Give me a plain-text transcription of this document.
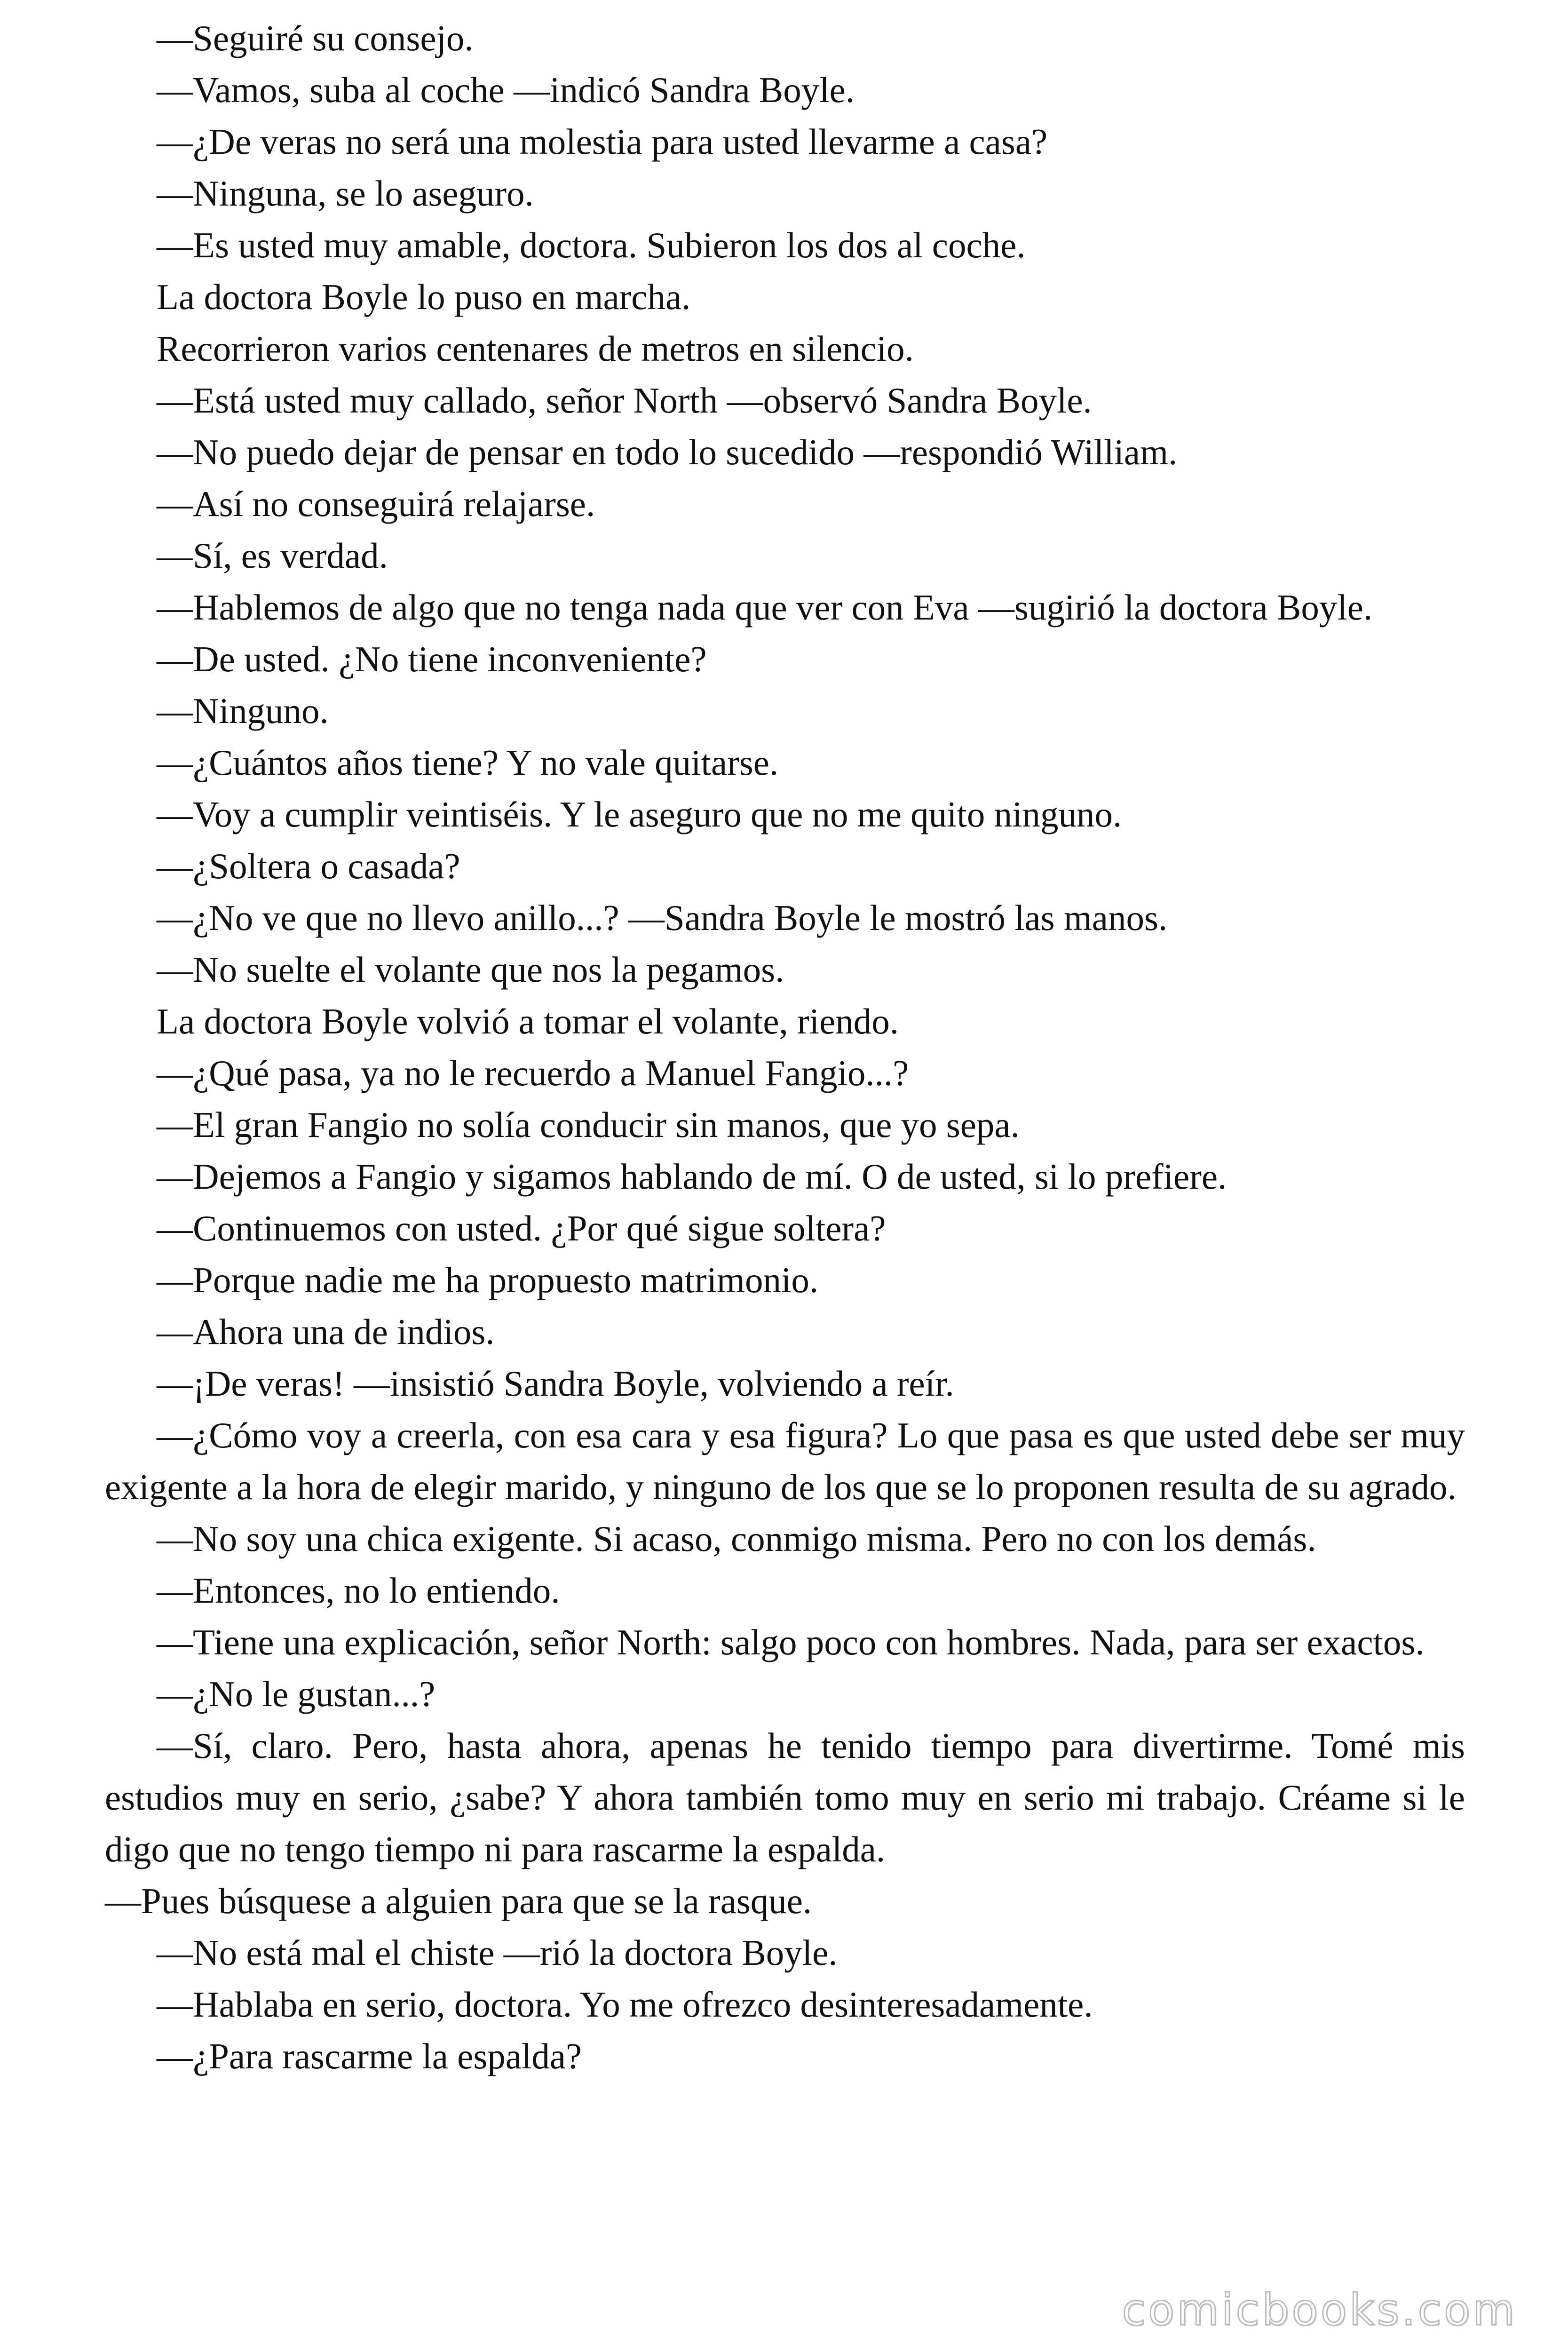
—Seguiré su consejo.

—Vamos, suba al coche —indicó Sandra Boyle.

—¿De veras no será una molestia para usted llevarme a casa?

—Ninguna, se lo aseguro.

—Es usted muy amable, doctora. Subieron los dos al coche.

La doctora Boyle lo puso en marcha.

Recorrieron varios centenares de metros en silencio.

—Está usted muy callado, señor North —observó Sandra Boyle.

—No puedo dejar de pensar en todo lo sucedido —respondió William.

—Así no conseguirá relajarse.

—Sí, es verdad.

—Hablemos de algo que no tenga nada que ver con Eva —sugirió la doctora Boyle.

—De usted. ¿No tiene inconveniente?

—Ninguno.

—¿Cuántos años tiene? Y no vale quitarse.

—Voy a cumplir veintiséis. Y le aseguro que no me quito ninguno.

—¿Soltera o casada?

—¿No ve que no llevo anillo...? —Sandra Boyle le mostró las manos.

—No suelte el volante que nos la pegamos.

La doctora Boyle volvió a tomar el volante, riendo.

—¿Qué pasa, ya no le recuerdo a Manuel Fangio...?

—El gran Fangio no solía conducir sin manos, que yo sepa.

—Dejemos a Fangio y sigamos hablando de mí. O de usted, si lo prefiere.

—Continuemos con usted. ¿Por qué sigue soltera?

—Porque nadie me ha propuesto matrimonio.

—Ahora una de indios.

—¡De veras! —insistió Sandra Boyle, volviendo a reír.

—¿Cómo voy a creerla, con esa cara y esa figura? Lo que pasa es que usted debe ser muy exigente a la hora de elegir marido, y ninguno de los que se lo proponen resulta de su agrado.

—No soy una chica exigente. Si acaso, conmigo misma. Pero no con los demás.

—Entonces, no lo entiendo.

—Tiene una explicación, señor North: salgo poco con hombres. Nada, para ser exactos.

—¿No le gustan...?

—Sí, claro. Pero, hasta ahora, apenas he tenido tiempo para divertirme. Tomé mis estudios muy en serio, ¿sabe? Y ahora también tomo muy en serio mi trabajo. Créame si le digo que no tengo tiempo ni para rascarme la espalda.

—Pues búsquese a alguien para que se la rasque.

—No está mal el chiste —rió la doctora Boyle.

—Hablaba en serio, doctora. Yo me ofrezco desinteresadamente.

—¿Para rascarme la espalda?

comicbooks.com
